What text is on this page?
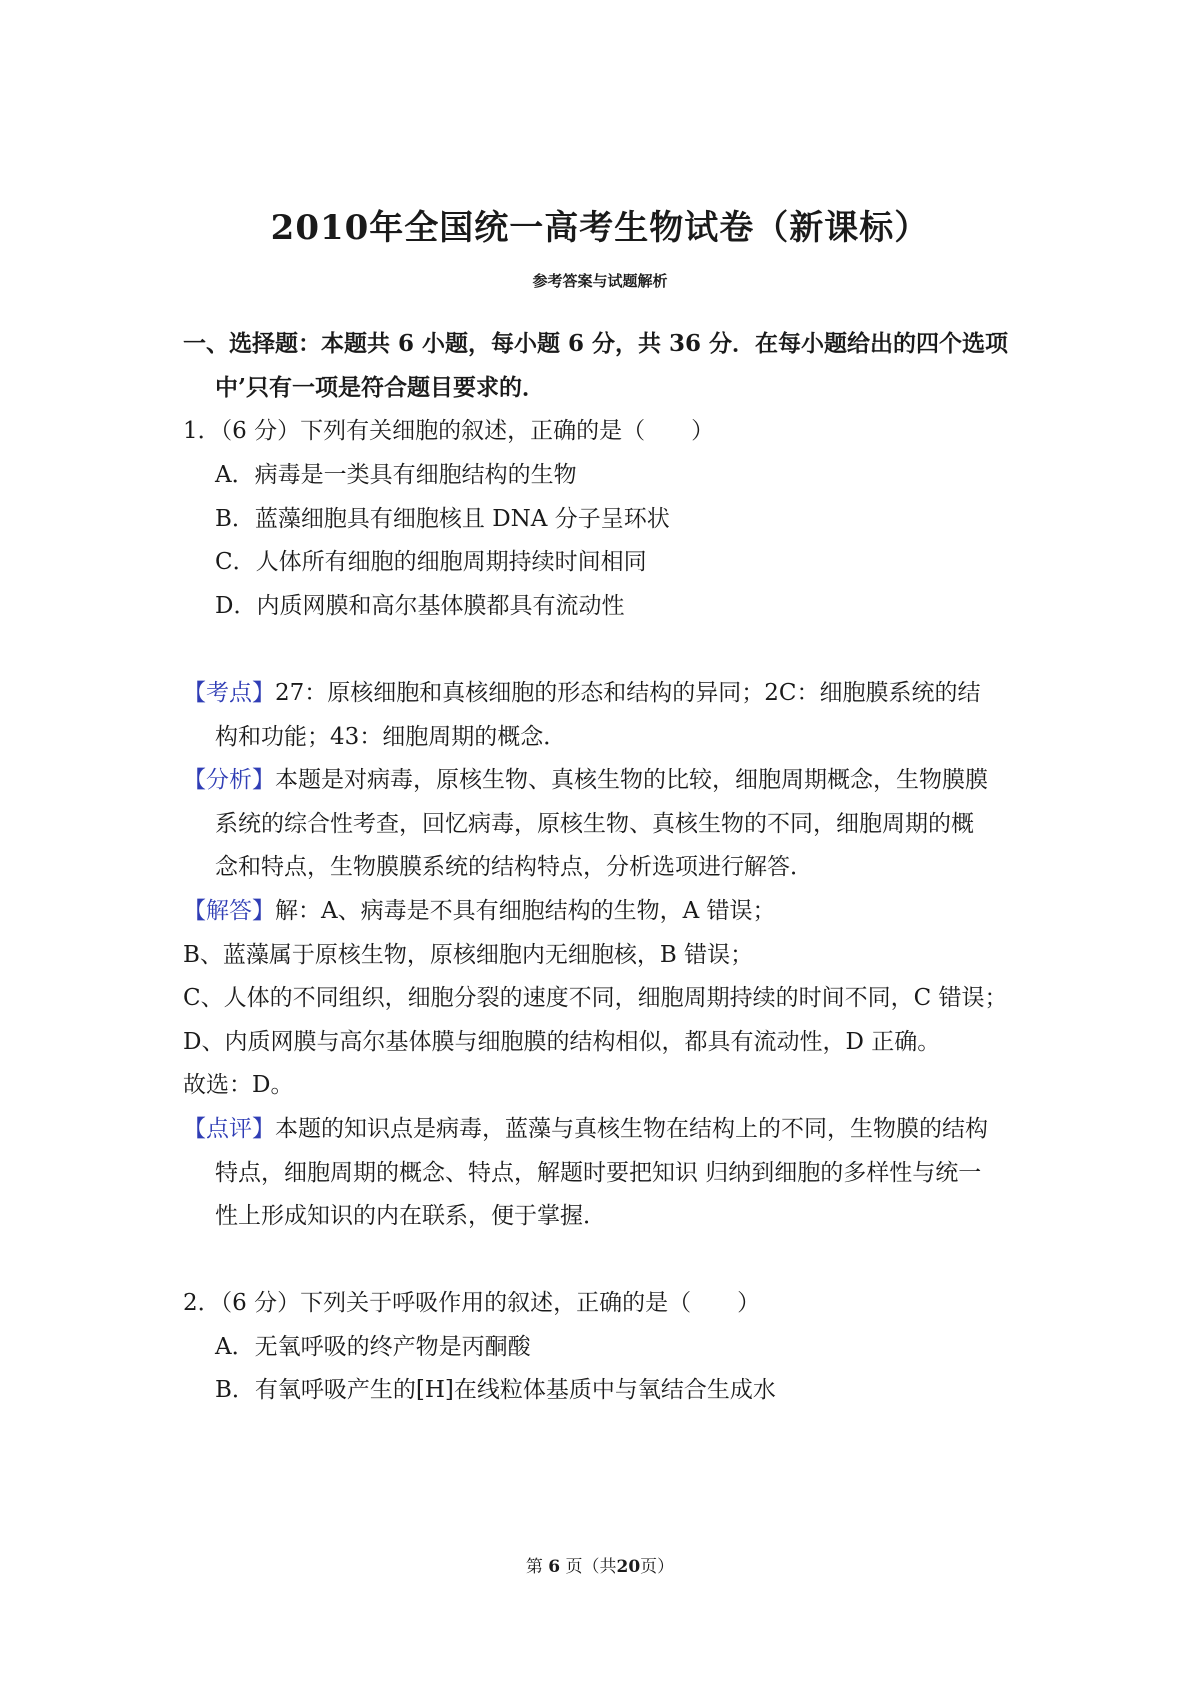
2010年全国统一高考生物试卷（新课标）
参考答案与试题解析
一、选择题：本题共 6 小题，每小题 6 分，共 36 分．在每小题给出的四个选项
中’只有一项是符合题目要求的．
1．（6 分）下列有关细胞的叙述，正确的是（　　）
A．病毒是一类具有细胞结构的生物
B．蓝藻细胞具有细胞核且 DNA 分子呈环状
C．人体所有细胞的细胞周期持续时间相同
D．内质网膜和高尔基体膜都具有流动性
【考点】27：原核细胞和真核细胞的形态和结构的异同；2C：细胞膜系统的结
构和功能；43：细胞周期的概念．
【分析】本题是对病毒，原核生物、真核生物的比较，细胞周期概念，生物膜膜
系统的综合性考查，回忆病毒，原核生物、真核生物的不同，细胞周期的概
念和特点，生物膜膜系统的结构特点，分析选项进行解答．
【解答】解：A、病毒是不具有细胞结构的生物，A 错误；
B、蓝藻属于原核生物，原核细胞内无细胞核，B 错误；
C、人体的不同组织，细胞分裂的速度不同，细胞周期持续的时间不同，C 错误；
D、内质网膜与高尔基体膜与细胞膜的结构相似，都具有流动性，D 正确。
故选：D。
【点评】本题的知识点是病毒，蓝藻与真核生物在结构上的不同，生物膜的结构
特点，细胞周期的概念、特点，解题时要把知识 归纳到细胞的多样性与统一
性上形成知识的内在联系，便于掌握．
2．（6 分）下列关于呼吸作用的叙述，正确的是（　　）
A．无氧呼吸的终产物是丙酮酸
B．有氧呼吸产生的[H]在线粒体基质中与氧结合生成水
第 6 页（共20页）
